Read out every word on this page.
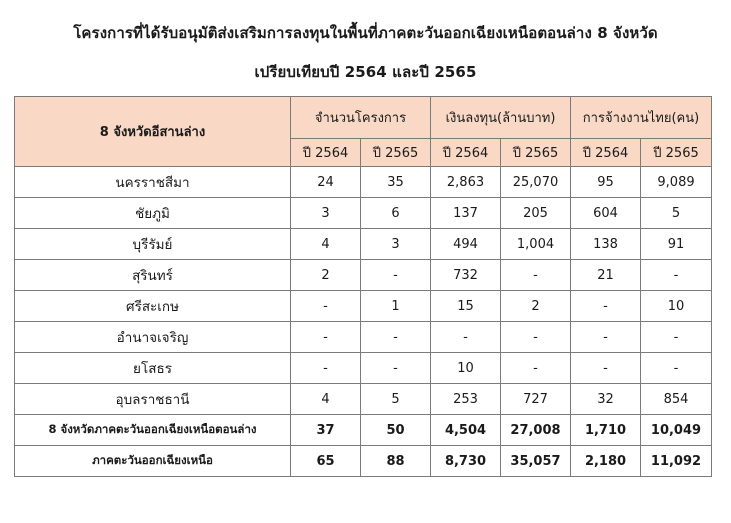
โครงการที่ได้รับอนุมัติส่งเสริมการลงทุนในพื้นที่ภาคตะวันออกเฉียงเหนือตอนล่าง 8 จังหวัด
เปรียบเทียบปี 2564 และปี 2565
8 จังหวัดอีสานล่าง	จำนวนโครงการ		เงินลงทุน(ล้านบาท)		การจ้างงานไทย(คน)	
	ปี 2564	ปี 2565	ปี 2564	ปี 2565	ปี 2564	ปี 2565
นครราชสีมา	24	35	2,863	25,070	95	9,089
ชัยภูมิ	3	6	137	205	604	5
บุรีรัมย์	4	3	494	1,004	138	91
สุรินทร์	2	-	732	-	21	-
ศรีสะเกษ	-	1	15	2	-	10
อำนาจเจริญ	-	-	-	-	-	-
ยโสธร	-	-	10	-	-	-
อุบลราชธานี	4	5	253	727	32	854
8 จังหวัดภาคตะวันออกเฉียงเหนือตอนล่าง	37	50	4,504	27,008	1,710	10,049
ภาคตะวันออกเฉียงเหนือ	65	88	8,730	35,057	2,180	11,092
